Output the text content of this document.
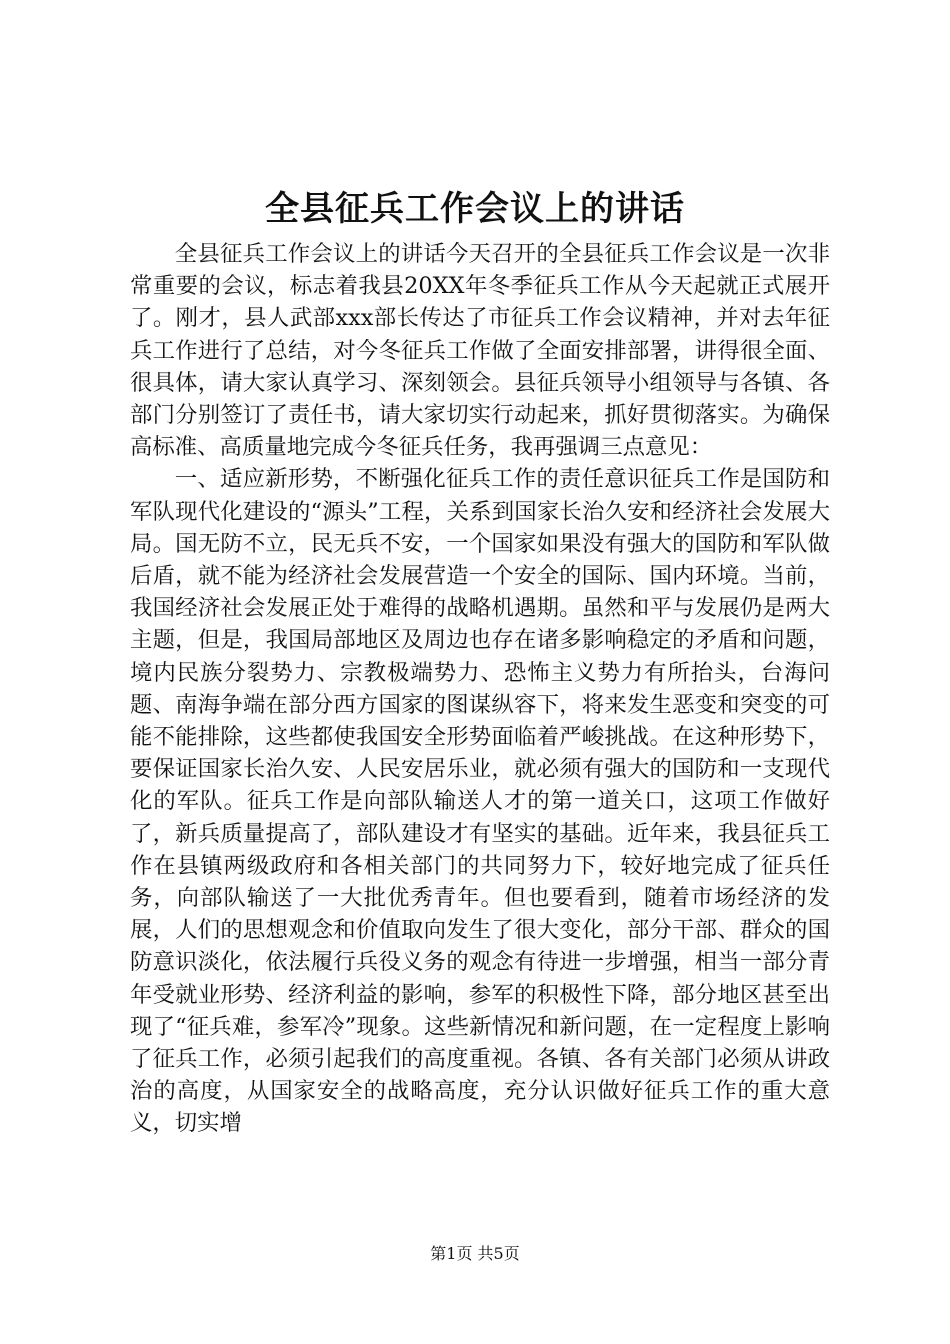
全县征兵工作会议上的讲话

全县征兵工作会议上的讲话今天召开的全县征兵工作会议是一次非常重要的会议，标志着我县20XX年冬季征兵工作从今天起就正式展开了。刚才，县人武部xxx部长传达了市征兵工作会议精神，并对去年征兵工作进行了总结，对今冬征兵工作做了全面安排部署，讲得很全面、很具体，请大家认真学习、深刻领会。县征兵领导小组领导与各镇、各部门分别签订了责任书，请大家切实行动起来，抓好贯彻落实。为确保高标准、高质量地完成今冬征兵任务，我再强调三点意见：

一、适应新形势，不断强化征兵工作的责任意识征兵工作是国防和军队现代化建设的“源头”工程，关系到国家长治久安和经济社会发展大局。国无防不立，民无兵不安，一个国家如果没有强大的国防和军队做后盾，就不能为经济社会发展营造一个安全的国际、国内环境。当前，我国经济社会发展正处于难得的战略机遇期。虽然和平与发展仍是两大主题，但是，我国局部地区及周边也存在诸多影响稳定的矛盾和问题，境内民族分裂势力、宗教极端势力、恐怖主义势力有所抬头，台海问题、南海争端在部分西方国家的图谋纵容下，将来发生恶变和突变的可能不能排除，这些都使我国安全形势面临着严峻挑战。在这种形势下，要保证国家长治久安、人民安居乐业，就必须有强大的国防和一支现代化的军队。征兵工作是向部队输送人才的第一道关口，这项工作做好了，新兵质量提高了，部队建设才有坚实的基础。近年来，我县征兵工作在县镇两级政府和各相关部门的共同努力下，较好地完成了征兵任务，向部队输送了一大批优秀青年。但也要看到，随着市场经济的发展，人们的思想观念和价值取向发生了很大变化，部分干部、群众的国防意识淡化，依法履行兵役义务的观念有待进一步增强，相当一部分青年受就业形势、经济利益的影响，参军的积极性下降，部分地区甚至出现了“征兵难，参军冷”现象。这些新情况和新问题，在一定程度上影响了征兵工作，必须引起我们的高度重视。各镇、各有关部门必须从讲政治的高度，从国家安全的战略高度，充分认识做好征兵工作的重大意义，切实增

第1页 共5页
